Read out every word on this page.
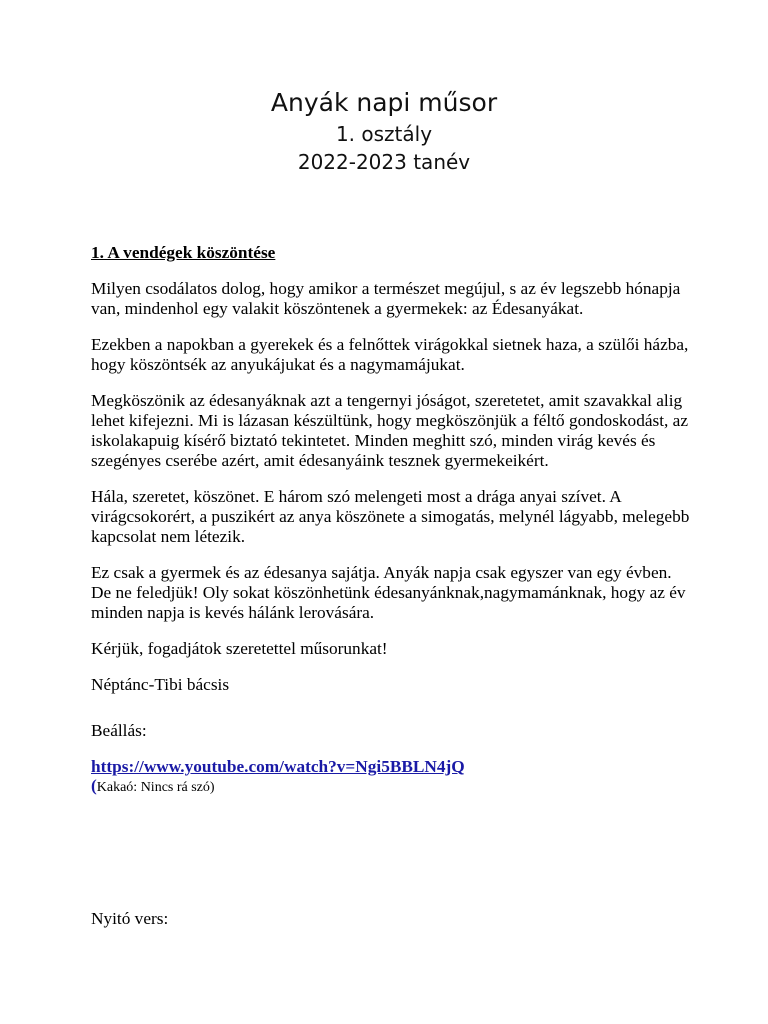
Anyák napi műsor
1. osztály
2022-2023 tanév
1. A vendégek köszöntése

Milyen csodálatos dolog, hogy amikor a természet megújul, s az év legszebb hónapja van, mindenhol egy valakit köszöntenek a gyermekek: az Édesanyákat.

Ezekben a napokban a gyerekek és a felnőttek virágokkal sietnek haza, a szülői házba, hogy köszöntsék az anyukájukat és a nagymamájukat.

Megköszönik az édesanyáknak azt a tengernyi jóságot, szeretetet, amit szavakkal alig lehet kifejezni. Mi is lázasan készültünk, hogy megköszönjük a féltő gondoskodást, az iskolakapuig kísérő biztató tekintetet. Minden meghitt szó, minden virág kevés és szegényes cserébe azért, amit édesanyáink tesznek gyermekeikért.

Hála, szeretet, köszönet. E három szó melengeti most a drága anyai szívet. A virágcsokorért, a puszikért az anya köszönete a simogatás, melynél lágyabb, melegebb kapcsolat nem létezik.

Ez csak a gyermek és az édesanya sajátja. Anyák napja csak egyszer van egy évben. De ne feledjük! Oly sokat köszönhetünk édesanyánknak,nagymamánknak, hogy az év minden napja is kevés hálánk lerovására.

Kérjük, fogadjátok szeretettel műsorunkat!

Néptánc-Tibi bácsis

Beállás:

https://www.youtube.com/watch?v=Ngi5BBLN4jQ
(Kakaó: Nincs rá szó)
Nyitó vers:
